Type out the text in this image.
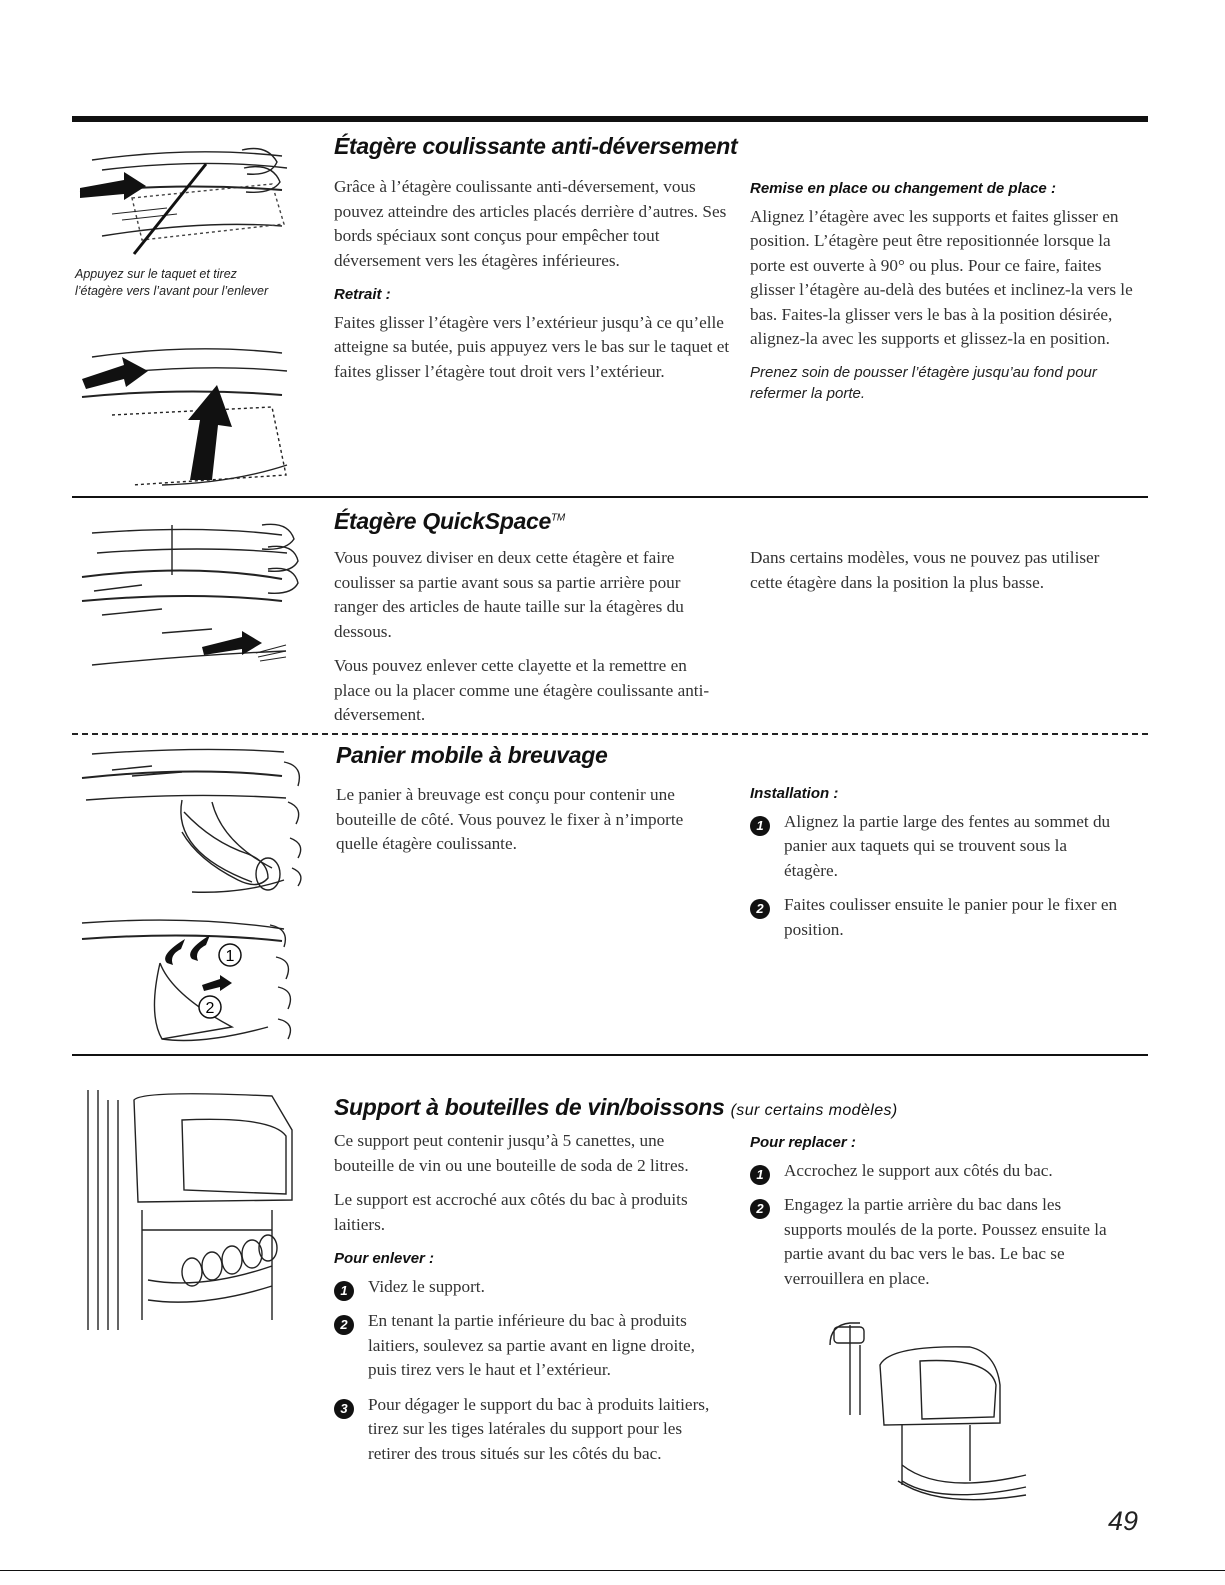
Étagère coulissante anti-déversement
Appuyez sur le taquet et tirez l’étagère vers l’avant pour l’enlever

Grâce à l’étagère coulissante anti-déversement, vous pouvez atteindre des articles placés derrière d’autres. Ses bords spéciaux sont conçus pour empêcher tout déversement vers les étagères inférieures.

Retrait :

Faites glisser l’étagère vers l’extérieur jusqu’à ce qu’elle atteigne sa butée, puis appuyez vers le bas sur le taquet et faites glisser l’étagère tout droit vers l’extérieur.

Remise en place ou changement de place :

Alignez l’étagère avec les supports et faites glisser en position. L’étagère peut être repositionnée lorsque la porte est ouverte à 90° ou plus. Pour ce faire, faites glisser l’étagère au-delà des butées et inclinez-la vers le bas. Faites-la glisser vers le bas à la position désirée, alignez-la avec les supports et glissez-la en position.

Prenez soin de pousser l’étagère jusqu’au fond pour refermer la porte.
Étagère QuickSpace™

Vous pouvez diviser en deux cette étagère et faire coulisser sa partie avant sous sa partie arrière pour ranger des articles de haute taille sur la étagères du dessous.

Vous pouvez enlever cette clayette et la remettre en place ou la placer comme une étagère coulissante anti-déversement.

Dans certains modèles, vous ne pouvez pas utiliser cette étagère dans la position la plus basse.

Panier mobile à breuvage
1
2

Le panier à breuvage est conçu pour contenir une bouteille de côté. Vous pouvez le fixer à n’importe quelle étagère coulissante.

Installation :
1	Alignez la partie large des fentes au sommet du panier aux taquets qui se trouvent sous la étagère.
2	Faites coulisser ensuite le panier pour le fixer en position.
Support à bouteilles de vin/boissons (sur certains modèles)

Ce support peut contenir jusqu’à 5 canettes, une bouteille de vin ou une bouteille de soda de 2 litres.

Le support est accroché aux côtés du bac à produits laitiers.

Pour enlever :
1	Videz le support.
2	En tenant la partie inférieure du bac à produits laitiers, soulevez sa partie avant en ligne droite, puis tirez vers le haut et l’extérieur.
3	Pour dégager le support du bac à produits laitiers, tirez sur les tiges latérales du support pour les retirer des trous situés sur les côtés du bac.
Pour replacer :
1	Accrochez le support aux côtés du bac.
2	Engagez la partie arrière du bac dans les supports moulés de la porte. Poussez ensuite la partie avant du bac vers le bas. Le bac se verrouillera en place.
49
